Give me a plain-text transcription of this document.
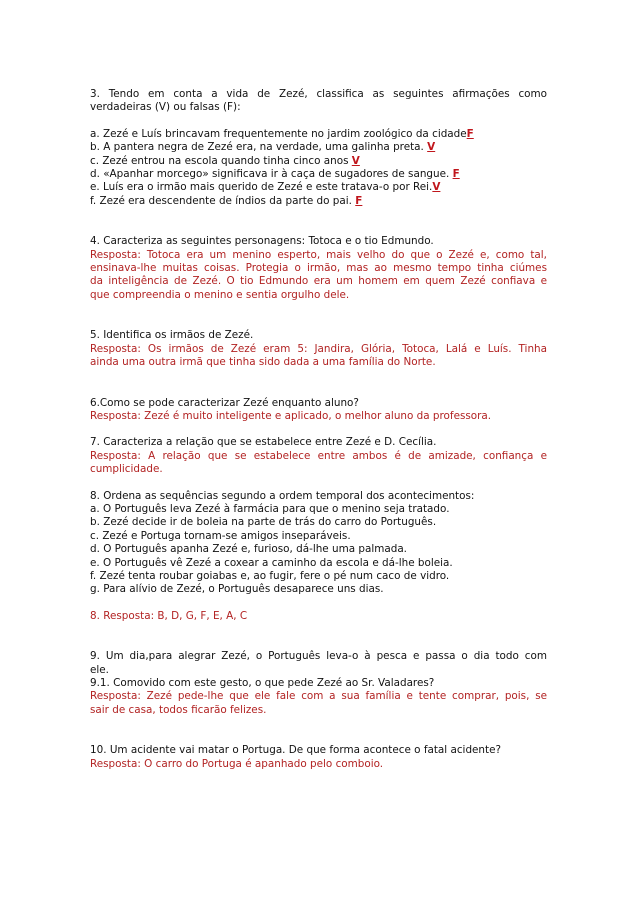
3. Tendo em conta a vida de Zezé, classifica as seguintes afirmações como
verdadeiras (V) ou falsas (F):
a. Zezé e Luís brincavam frequentemente no jardim zoológico da cidadeF
b. A pantera negra de Zezé era, na verdade, uma galinha preta. V
c. Zezé entrou na escola quando tinha cinco anos V
d. «Apanhar morcego» significava ir à caça de sugadores de sangue. F
e. Luís era o irmão mais querido de Zezé e este tratava-o por Rei.V
f. Zezé era descendente de índios da parte do pai. F
4. Caracteriza as seguintes personagens: Totoca e o tio Edmundo.
Resposta: Totoca era um menino esperto, mais velho do que o Zezé e, como tal,
ensinava-lhe muitas coisas. Protegia o irmão, mas ao mesmo tempo tinha ciúmes
da inteligência de Zezé. O tio Edmundo era um homem em quem Zezé confiava e
que compreendia o menino e sentia orgulho dele.
5. Identifica os irmãos de Zezé.
Resposta: Os irmãos de Zezé eram 5: Jandira, Glória, Totoca, Lalá e Luís. Tinha
ainda uma outra irmã que tinha sido dada a uma família do Norte.
6.Como se pode caracterizar Zezé enquanto aluno?
Resposta: Zezé é muito inteligente e aplicado, o melhor aluno da professora.
7. Caracteriza a relação que se estabelece entre Zezé e D. Cecília.
Resposta: A relação que se estabelece entre ambos é de amizade, confiança e
cumplicidade.
8. Ordena as sequências segundo a ordem temporal dos acontecimentos:
a. O Português leva Zezé à farmácia para que o menino seja tratado.
b. Zezé decide ir de boleia na parte de trás do carro do Português.
c. Zezé e Portuga tornam-se amigos inseparáveis.
d. O Português apanha Zezé e, furioso, dá-lhe uma palmada.
e. O Português vê Zezé a coxear a caminho da escola e dá-lhe boleia.
f. Zezé tenta roubar goiabas e, ao fugir, fere o pé num caco de vidro.
g. Para alívio de Zezé, o Português desaparece uns dias.
8. Resposta: B, D, G, F, E, A, C
9. Um dia,para alegrar Zezé, o Português leva-o à pesca e passa o dia todo com
ele.
9.1. Comovido com este gesto, o que pede Zezé ao Sr. Valadares?
Resposta: Zezé pede-lhe que ele fale com a sua família e tente comprar, pois, se
sair de casa, todos ficarão felizes.
10. Um acidente vai matar o Portuga. De que forma acontece o fatal acidente?
Resposta: O carro do Portuga é apanhado pelo comboio.
